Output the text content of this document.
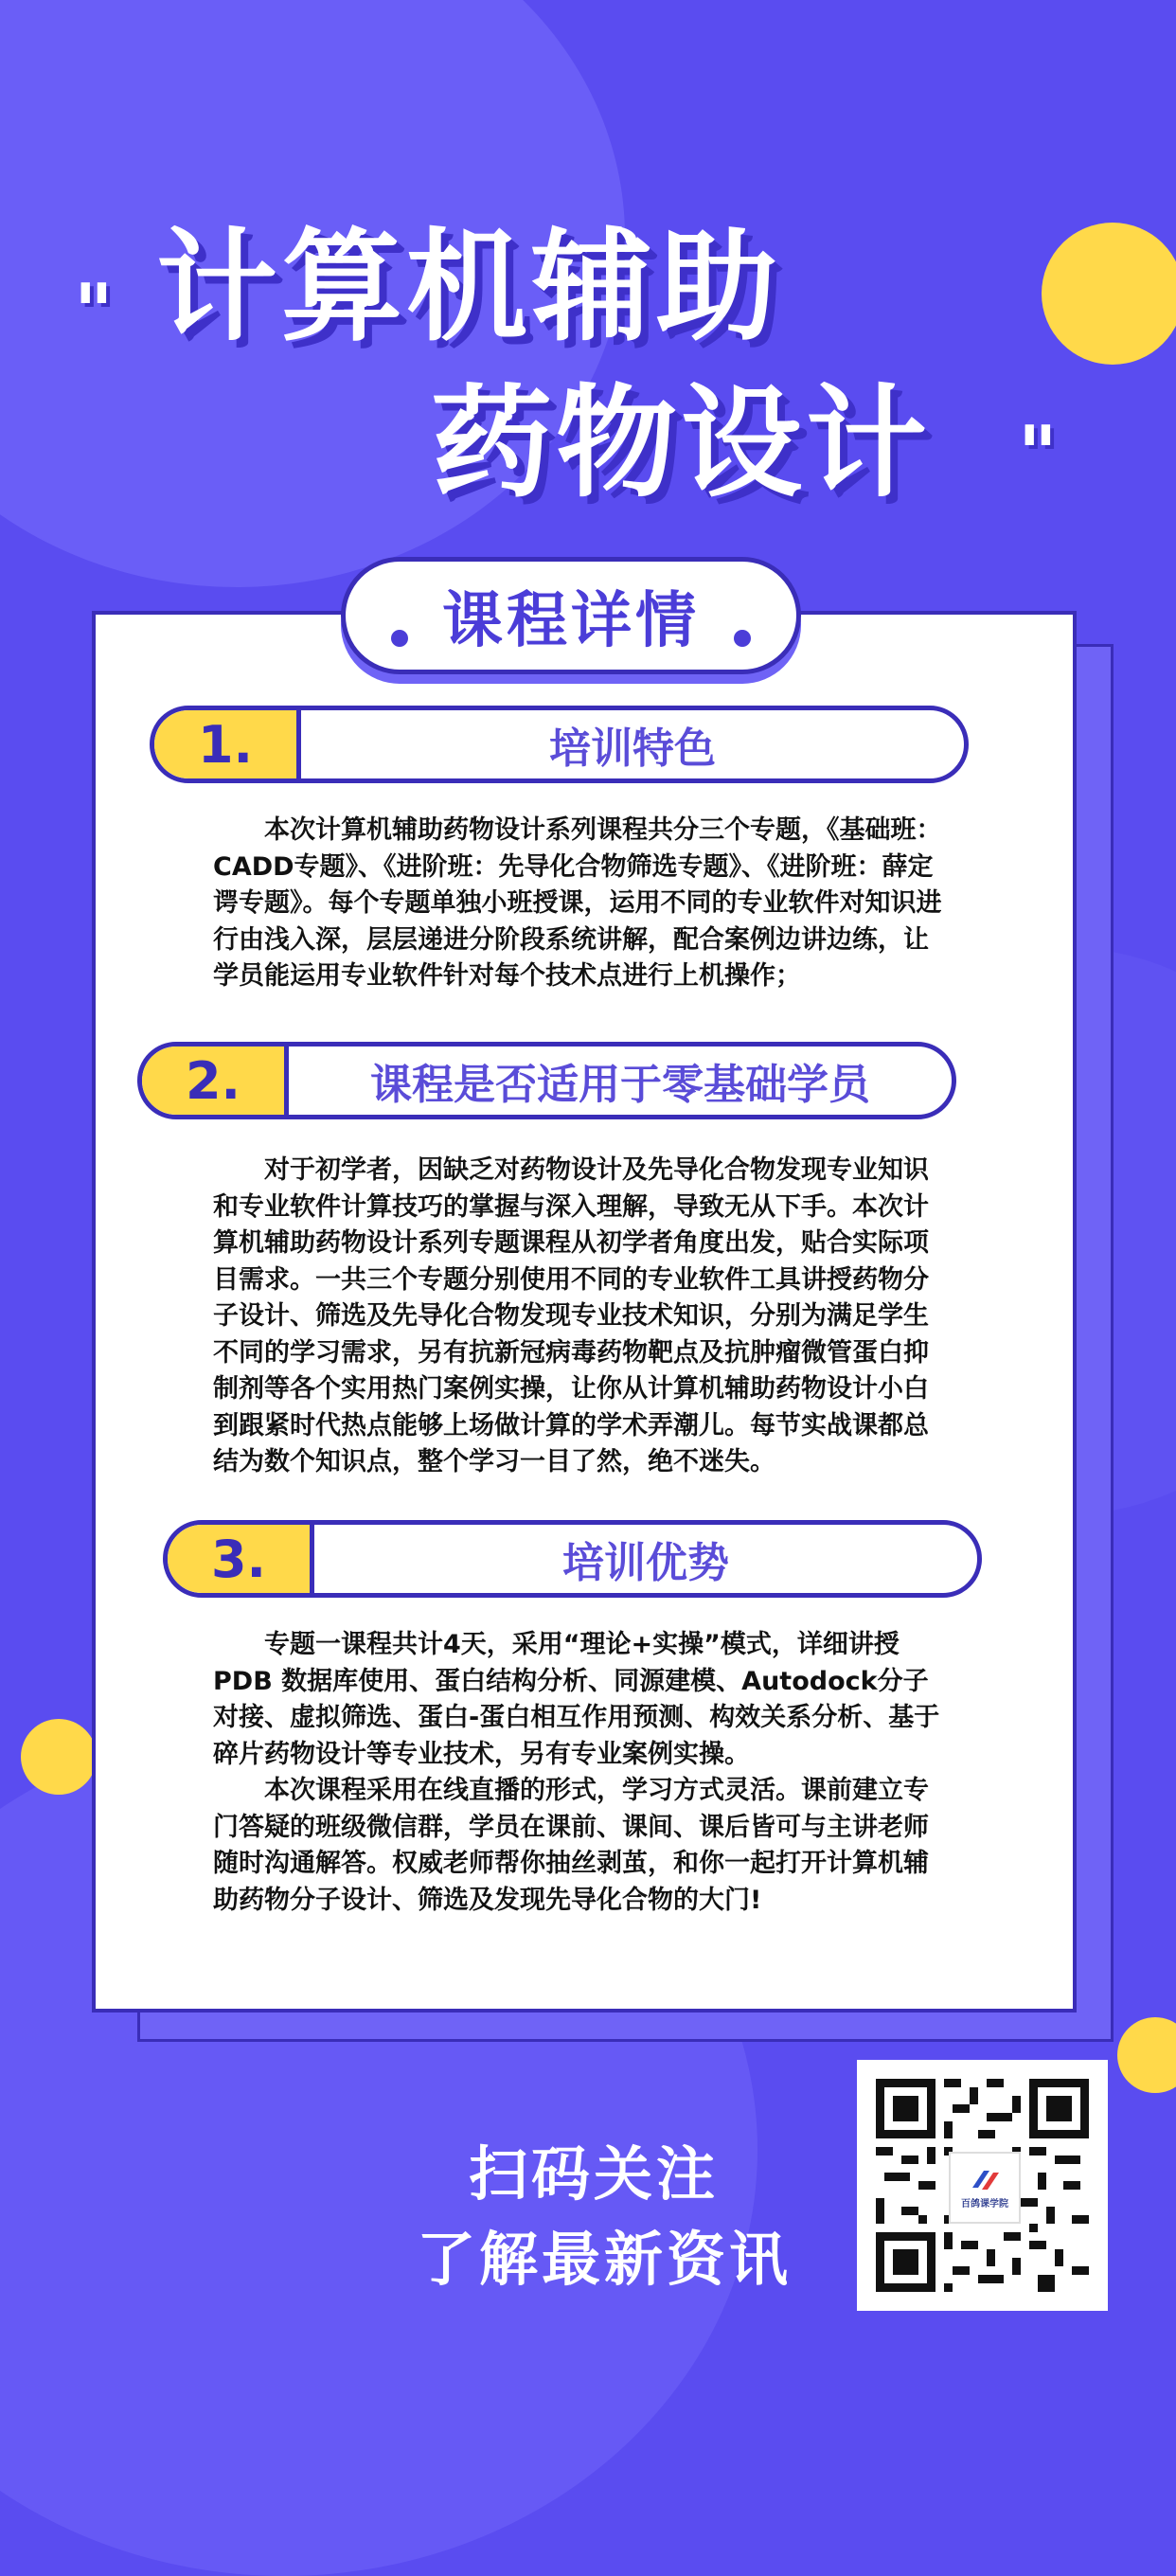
" 计算机辅助
药物设计 "
课程详情
1.	培训特色

本次计算机辅助药物设计系列课程共分三个专题，《基础班：CADD专题》、《进阶班：先导化合物筛选专题》、《进阶班：薛定谔专题》。每个专题单独小班授课，运用不同的专业软件对知识进行由浅入深，层层递进分阶段系统讲解，配合案例边讲边练，让学员能运用专业软件针对每个技术点进行上机操作；

2.	课程是否适用于零基础学员

对于初学者，因缺乏对药物设计及先导化合物发现专业知识和专业软件计算技巧的掌握与深入理解，导致无从下手。本次计算机辅助药物设计系列专题课程从初学者角度出发，贴合实际项目需求。一共三个专题分别使用不同的专业软件工具讲授药物分子设计、筛选及先导化合物发现专业技术知识，分别为满足学生不同的学习需求，另有抗新冠病毒药物靶点及抗肿瘤微管蛋白抑制剂等各个实用热门案例实操，让你从计算机辅助药物设计小白到跟紧时代热点能够上场做计算的学术弄潮儿。每节实战课都总结为数个知识点，整个学习一目了然，绝不迷失。

3.	培训优势

专题一课程共计4天，采用“理论+实操”模式，详细讲授PDB 数据库使用、蛋白结构分析、同源建模、Autodock分子对接、虚拟筛选、蛋白-蛋白相互作用预测、构效关系分析、基于碎片药物设计等专业技术，另有专业案例实操。

本次课程采用在线直播的形式，学习方式灵活。课前建立专门答疑的班级微信群，学员在课前、课间、课后皆可与主讲老师随时沟通解答。权威老师帮你抽丝剥茧，和你一起打开计算机辅助药物分子设计、筛选及发现先导化合物的大门!

扫码关注
了解最新资讯
百鸽课学院
